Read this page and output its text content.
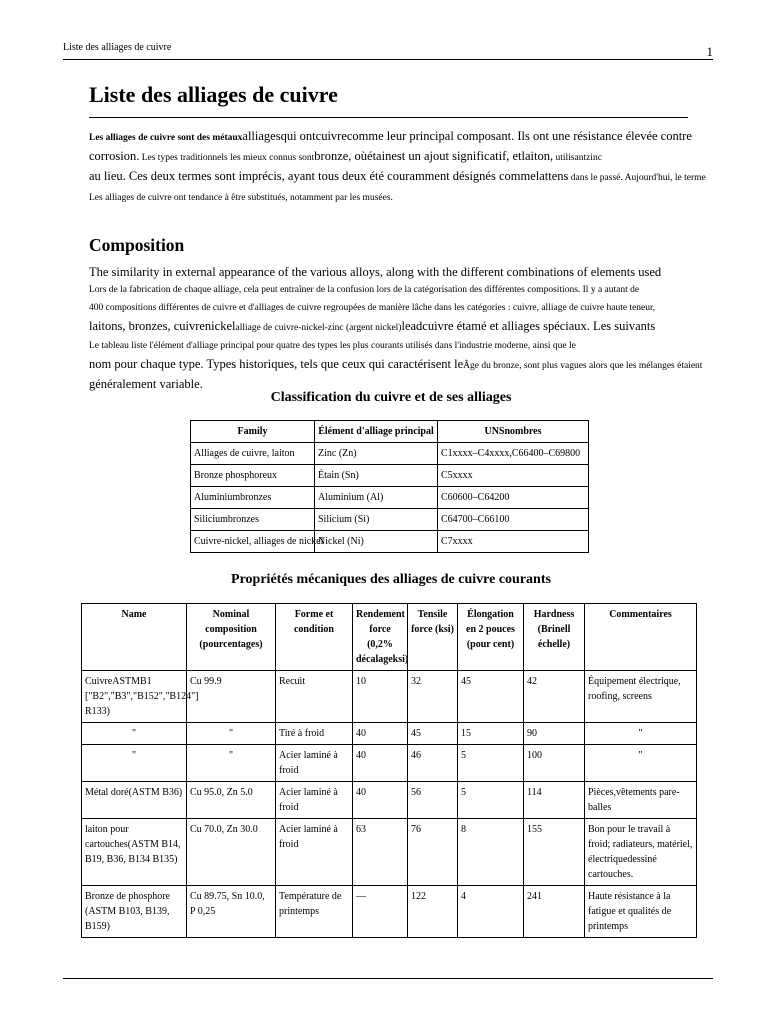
Liste des alliages de cuivre	1
Liste des alliages de cuivre

Les alliages de cuivre sont des métauxalliagesqui ontcuivrecomme leur principal composant. Ils ont une résistance élevée contre

corrosion. Les types traditionnels les mieux connus sontbronze, oùétainest un ajout significatif, etlaiton, utilisantzinc

au lieu. Ces deux termes sont imprécis, ayant tous deux été couramment désignés commelattens dans le passé. Aujourd'hui, le terme

Les alliages de cuivre ont tendance à être substitués, notamment par les musées.

Composition

The similarity in external appearance of the various alloys, along with the different combinations of elements used

Lors de la fabrication de chaque alliage, cela peut entraîner de la confusion lors de la catégorisation des différentes compositions. Il y a autant de

400 compositions différentes de cuivre et d'alliages de cuivre regroupées de manière lâche dans les catégories : cuivre, alliage de cuivre haute teneur,

laitons, bronzes, cuivrenickelalliage de cuivre-nickel-zinc (argent nickel)leadcuivre étamé et alliages spéciaux. Les suivants

Le tableau liste l'élément d'alliage principal pour quatre des types les plus courants utilisés dans l'industrie moderne, ainsi que le

nom pour chaque type. Types historiques, tels que ceux qui caractérisent leÂge du bronze, sont plus vagues alors que les mélanges étaient

généralement variable.

Classification du cuivre et de ses alliages
Propriétés mécaniques des alliages de cuivre courants
Family	Élément d'alliage principal	UNSnombres
Alliages de cuivre, laiton	Zinc (Zn)	C1xxxx–C4xxxx,C66400–C69800
Bronze phosphoreux	Étain (Sn)	C5xxxx
Aluminiumbronzes	Aluminium (Al)	C60600–C64200
Siliciumbronzes	Silicium (Si)	C64700–C66100
Cuivre-nickel, alliages de nickel	Nickel (Ni)	C7xxxx
Name	Nominal composition (pourcentages)	Forme et condition	Rendement force (0,2% décalageksi)	Tensile force (ksi)	Élongation en 2 pouces (pour cent)	Hardness (Brinell échelle)	Commentaires
CuivreASTMB1 ["B2","B3","B152","B124"] R133)	Cu 99.9	Recuit	10	32	45	42	Équipement électrique, roofing, screens
"	"	Tiré à froid	40	45	15	90	"
"	"	Acier laminé à froid	40	46	5	100	"
Métal doré(ASTM B36)	Cu 95.0, Zn 5.0	Acier laminé à froid	40	56	5	114	Pièces,vêtements pare-balles
laiton pour cartouches(ASTM B14, B19, B36, B134 B135)	Cu 70.0, Zn 30.0	Acier laminé à froid	63	76	8	155	Bon pour le travail à froid; radiateurs, matériel, électriquedessiné cartouches.
Bronze de phosphore (ASTM B103, B139, B159)	Cu 89.75, Sn 10.0, P 0,25	Température de printemps	—	122	4	241	Haute résistance à la fatigue et qualités de printemps
